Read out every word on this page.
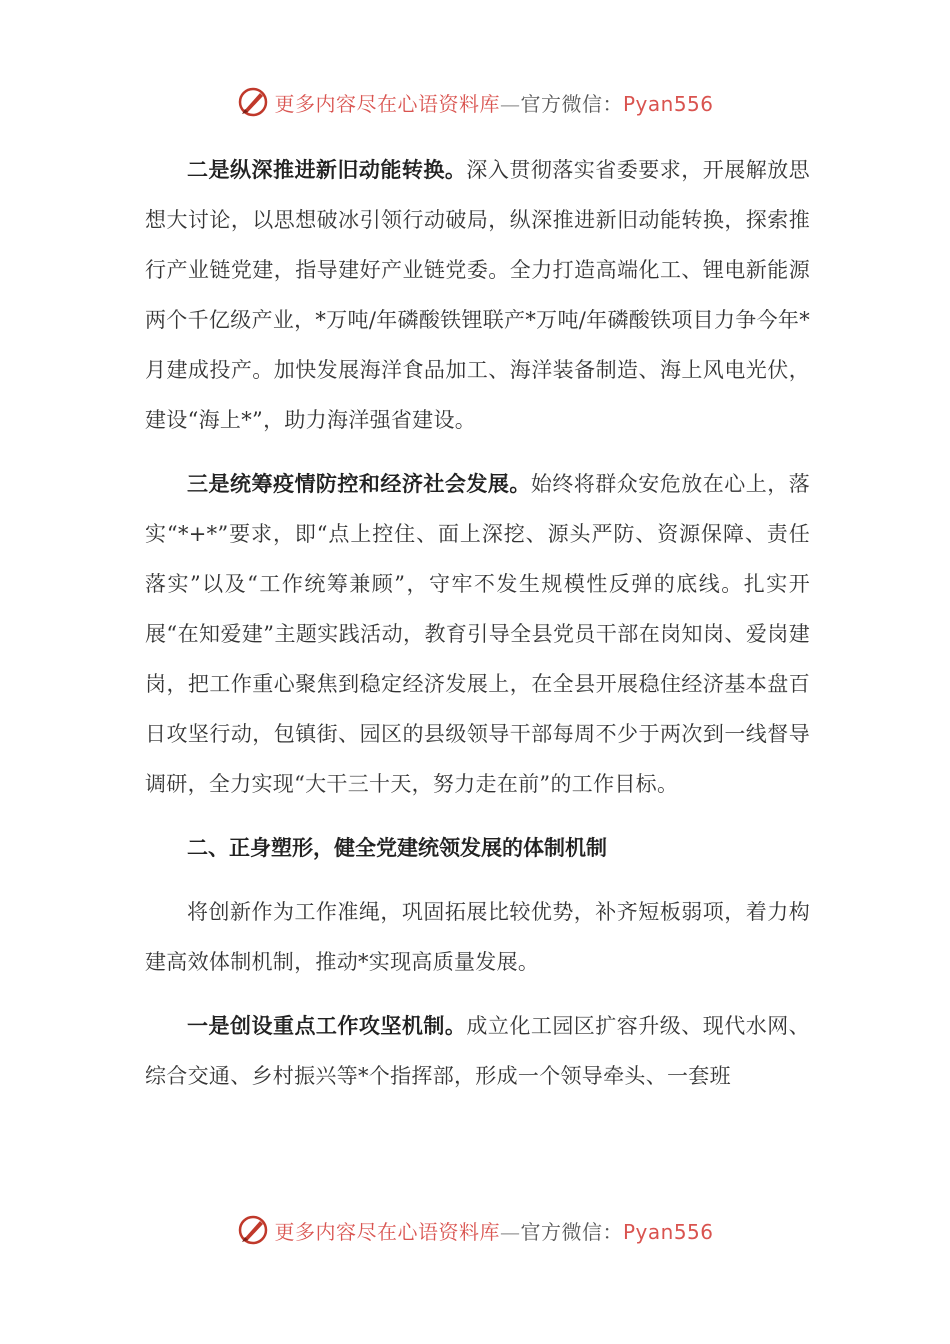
更多内容尽在心语资料库—官方微信：Pyan556

二是纵深推进新旧动能转换。深入贯彻落实省委要求，开展解放思想大讨论，以思想破冰引领行动破局，纵深推进新旧动能转换，探索推行产业链党建，指导建好产业链党委。全力打造高端化工、锂电新能源两个千亿级产业，*万吨/年磷酸铁锂联产*万吨/年磷酸铁项目力争今年*月建成投产。加快发展海洋食品加工、海洋装备制造、海上风电光伏，建设“海上*”，助力海洋强省建设。

三是统筹疫情防控和经济社会发展。始终将群众安危放在心上，落实“*+*”要求，即“点上控住、面上深挖、源头严防、资源保障、责任落实”以及“工作统筹兼顾”，守牢不发生规模性反弹的底线。扎实开展“在知爱建”主题实践活动，教育引导全县党员干部在岗知岗、爱岗建岗，把工作重心聚焦到稳定经济发展上，在全县开展稳住经济基本盘百日攻坚行动，包镇街、园区的县级领导干部每周不少于两次到一线督导调研，全力实现“大干三十天，努力走在前”的工作目标。

二、正身塑形，健全党建统领发展的体制机制

将创新作为工作准绳，巩固拓展比较优势，补齐短板弱项，着力构建高效体制机制，推动*实现高质量发展。

一是创设重点工作攻坚机制。成立化工园区扩容升级、现代水网、综合交通、乡村振兴等*个指挥部，形成一个领导牵头、一套班

更多内容尽在心语资料库—官方微信：Pyan556
